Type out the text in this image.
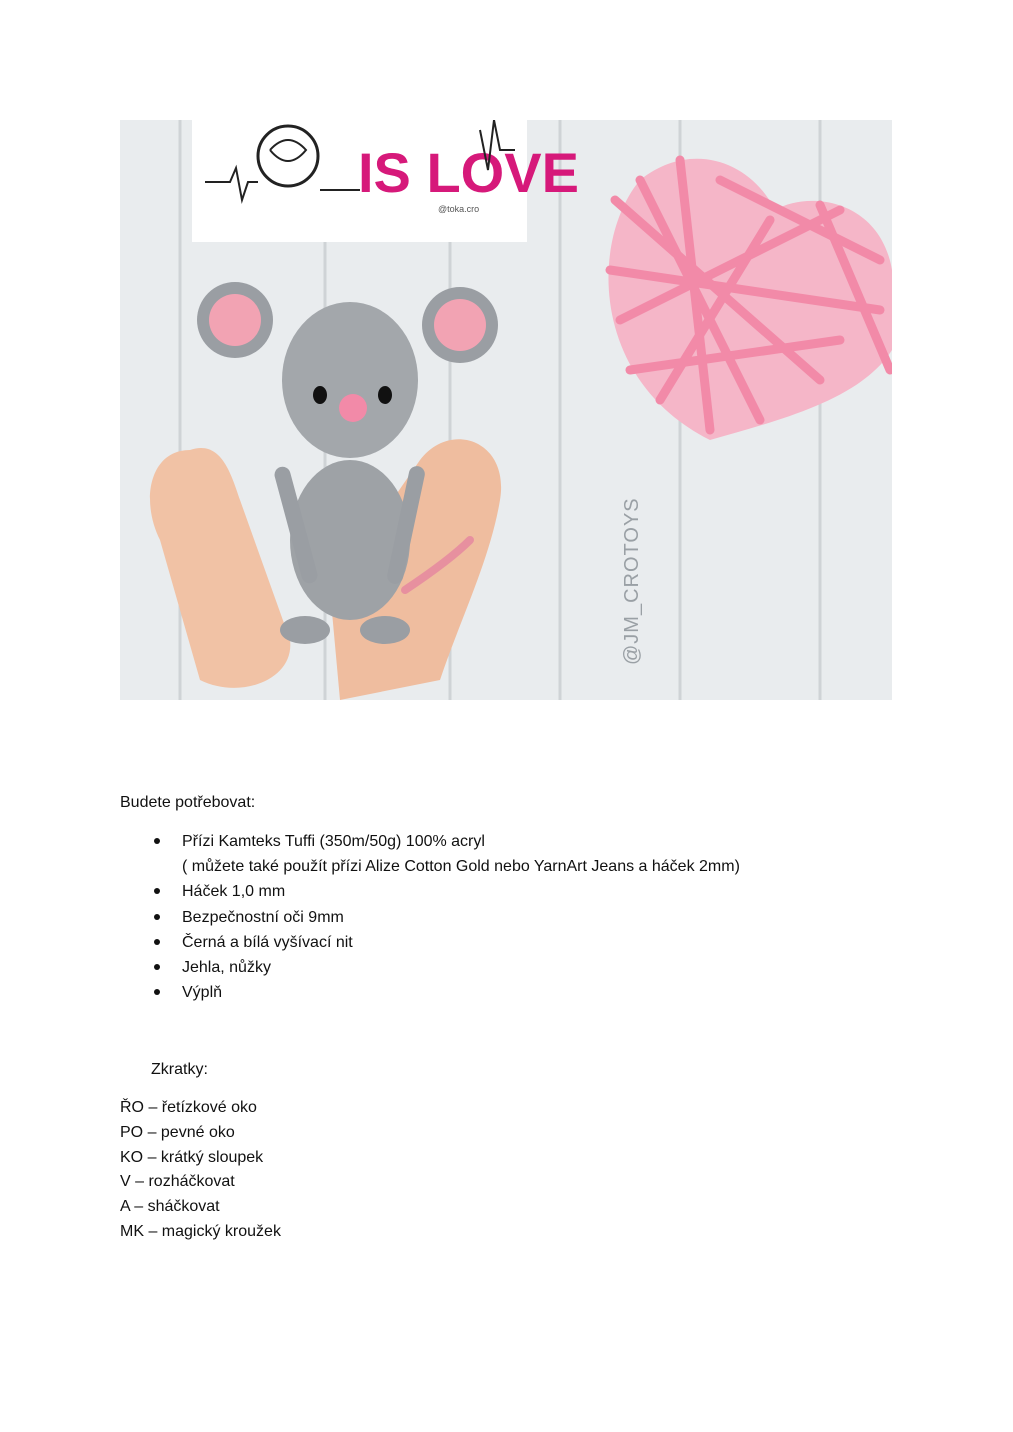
IS LOVE
@toka.cro
@JM_CROTOYS
Budete potřebovat:
Přízi Kamteks Tuffi (350m/50g) 100% acryl
( můžete také použít přízi Alize Cotton Gold nebo YarnArt Jeans a háček 2mm)
Háček 1,0 mm
Bezpečnostní oči 9mm
Černá a bílá vyšívací nit
Jehla, nůžky
Výplň
Zkratky:
ŘO – řetízkové oko
PO – pevné oko
KO – krátký sloupek
V – rozháčkovat
A – sháčkovat
MK – magický kroužek
